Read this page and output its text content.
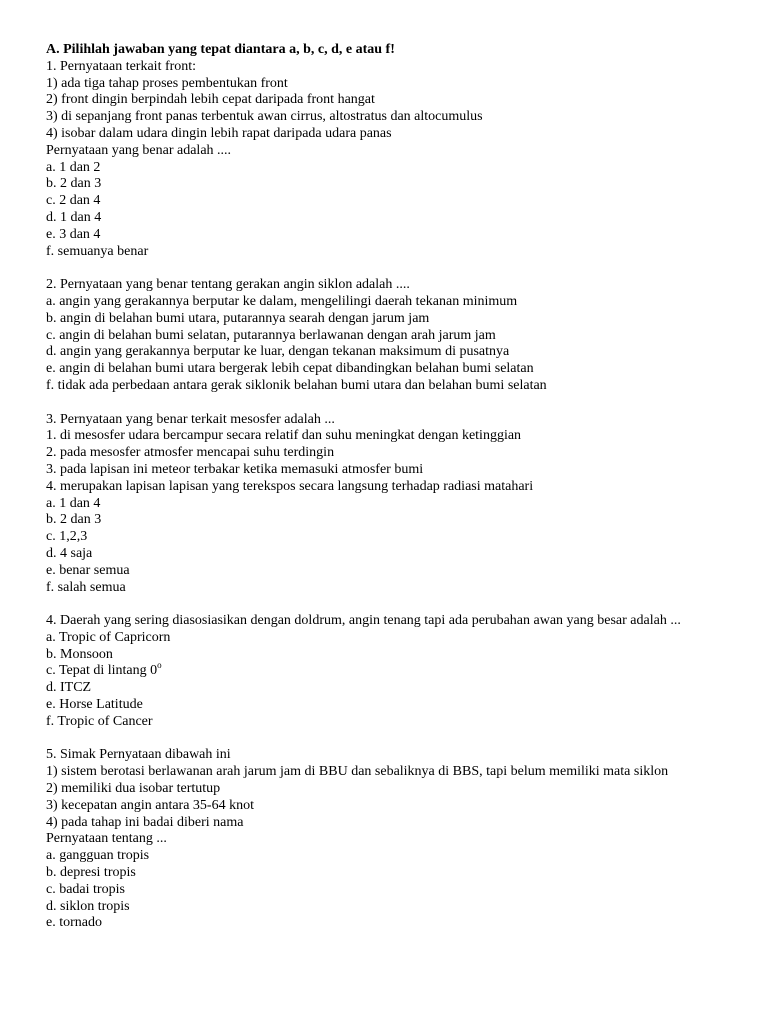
A. Pilihlah jawaban yang tepat diantara a, b, c, d, e atau f!
1. Pernyataan terkait front:
1) ada tiga tahap proses pembentukan front
2) front dingin berpindah lebih cepat daripada front hangat
3) di sepanjang front panas terbentuk awan cirrus, altostratus dan altocumulus
4) isobar dalam udara dingin lebih rapat daripada udara panas
Pernyataan yang benar adalah ....
a. 1 dan 2
b. 2 dan 3
c. 2 dan 4
d. 1 dan 4
e. 3 dan 4
f. semuanya benar
2. Pernyataan yang benar tentang gerakan angin siklon adalah ....
a. angin yang gerakannya berputar ke dalam, mengelilingi daerah tekanan minimum
b. angin di belahan bumi utara, putarannya searah dengan jarum jam
c. angin di belahan bumi selatan, putarannya berlawanan dengan arah jarum jam
d. angin yang gerakannya berputar ke luar, dengan tekanan maksimum di pusatnya
e. angin di belahan bumi utara bergerak lebih cepat dibandingkan belahan bumi selatan
f. tidak ada perbedaan antara gerak siklonik belahan bumi utara dan belahan bumi selatan
3. Pernyataan yang benar terkait mesosfer adalah ...
1. di mesosfer udara bercampur secara relatif dan suhu meningkat dengan ketinggian
2. pada mesosfer atmosfer mencapai suhu terdingin
3. pada lapisan ini meteor terbakar ketika memasuki atmosfer bumi
4. merupakan lapisan lapisan yang terekspos secara langsung terhadap radiasi matahari
a. 1 dan 4
b. 2 dan 3
c. 1,2,3
d. 4 saja
e. benar semua
f. salah semua
4. Daerah yang sering diasosiasikan dengan doldrum, angin tenang tapi ada perubahan awan yang besar adalah ...
a. Tropic of Capricorn
b. Monsoon
c. Tepat di lintang 0$^o$
d. ITCZ
e. Horse Latitude
f. Tropic of Cancer
5. Simak Pernyataan dibawah ini
1) sistem berotasi berlawanan arah jarum jam di BBU dan sebaliknya di BBS, tapi belum memiliki mata siklon
2) memiliki dua isobar tertutup
3) kecepatan angin antara 35-64 knot
4) pada tahap ini badai diberi nama
Pernyataan tentang ...
a. gangguan tropis
b. depresi tropis
c. badai tropis
d. siklon tropis
e. tornado
